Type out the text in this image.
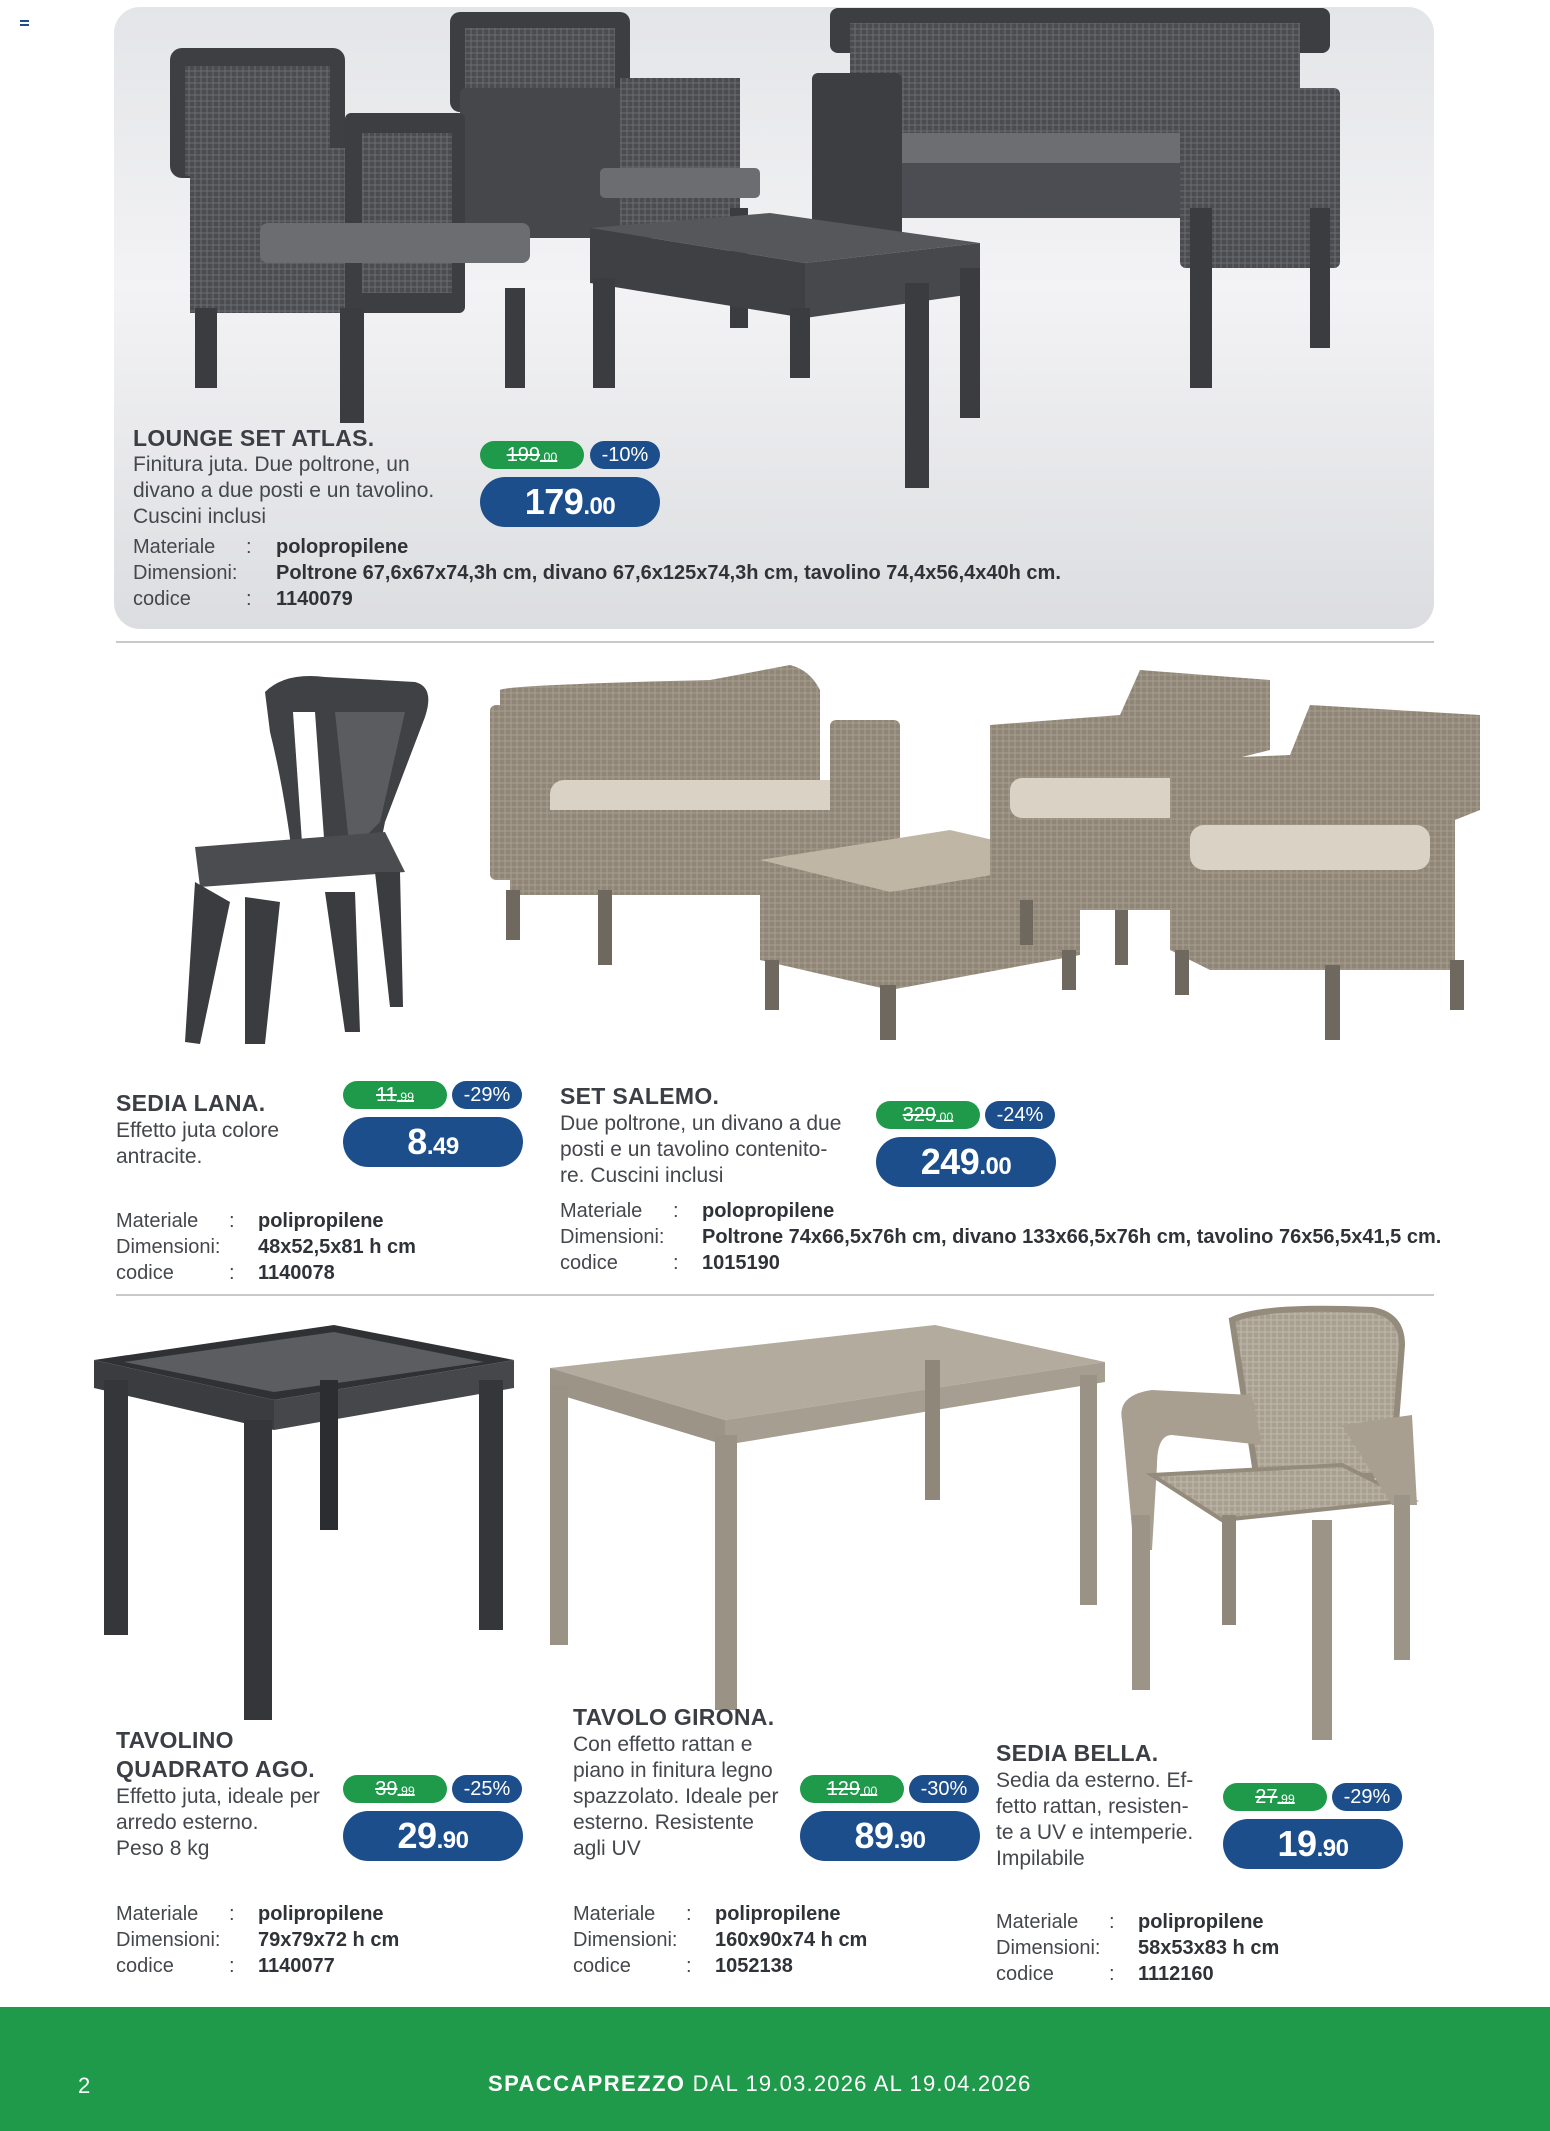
LOUNGE SET ATLAS.
Finitura juta. Due poltrone, un
divano a due posti e un tavolino.
Cuscini inclusi
199.00	-10%
179.00
Materiale	:	polopropilene
Dimensioni:	Poltrone 67,6x67x74,3h cm, divano 67,6x125x74,3h cm, tavolino 74,4x56,4x40h cm.
codice	:	1140079
SEDIA LANA.
Effetto juta colore
antracite.
11.99	-29%
8.49
Materiale	:	polipropilene
Dimensioni:	48x52,5x81 h cm
codice	:	1140078
SET SALEMO.
Due poltrone, un divano a due
posti e un tavolino contenito-
re. Cuscini inclusi
329.00	-24%
249.00
Materiale	:	polopropilene
Dimensioni:	Poltrone 74x66,5x76h cm, divano 133x66,5x76h cm, tavolino 76x56,5x41,5 cm.
codice	:	1015190
TAVOLINO
QUADRATO AGO.
Effetto juta, ideale per
arredo esterno.
Peso 8 kg
39.99	-25%
29.90
Materiale	:	polipropilene
Dimensioni:	79x79x72 h cm
codice	:	1140077
TAVOLO GIRONA.
Con effetto rattan e
piano in finitura legno
spazzolato. Ideale per
esterno. Resistente
agli UV
129.00	-30%
89.90
Materiale	:	polipropilene
Dimensioni:	160x90x74 h cm
codice	:	1052138
SEDIA BELLA.
Sedia da esterno. Ef-
fetto rattan, resisten-
te a UV e intemperie.
Impilabile
27.99	-29%
19.90
Materiale	:	polipropilene
Dimensioni:	58x53x83 h cm
codice	:	1112160
2	SPACCAPREZZO DAL 19.03.2026 AL 19.04.2026
